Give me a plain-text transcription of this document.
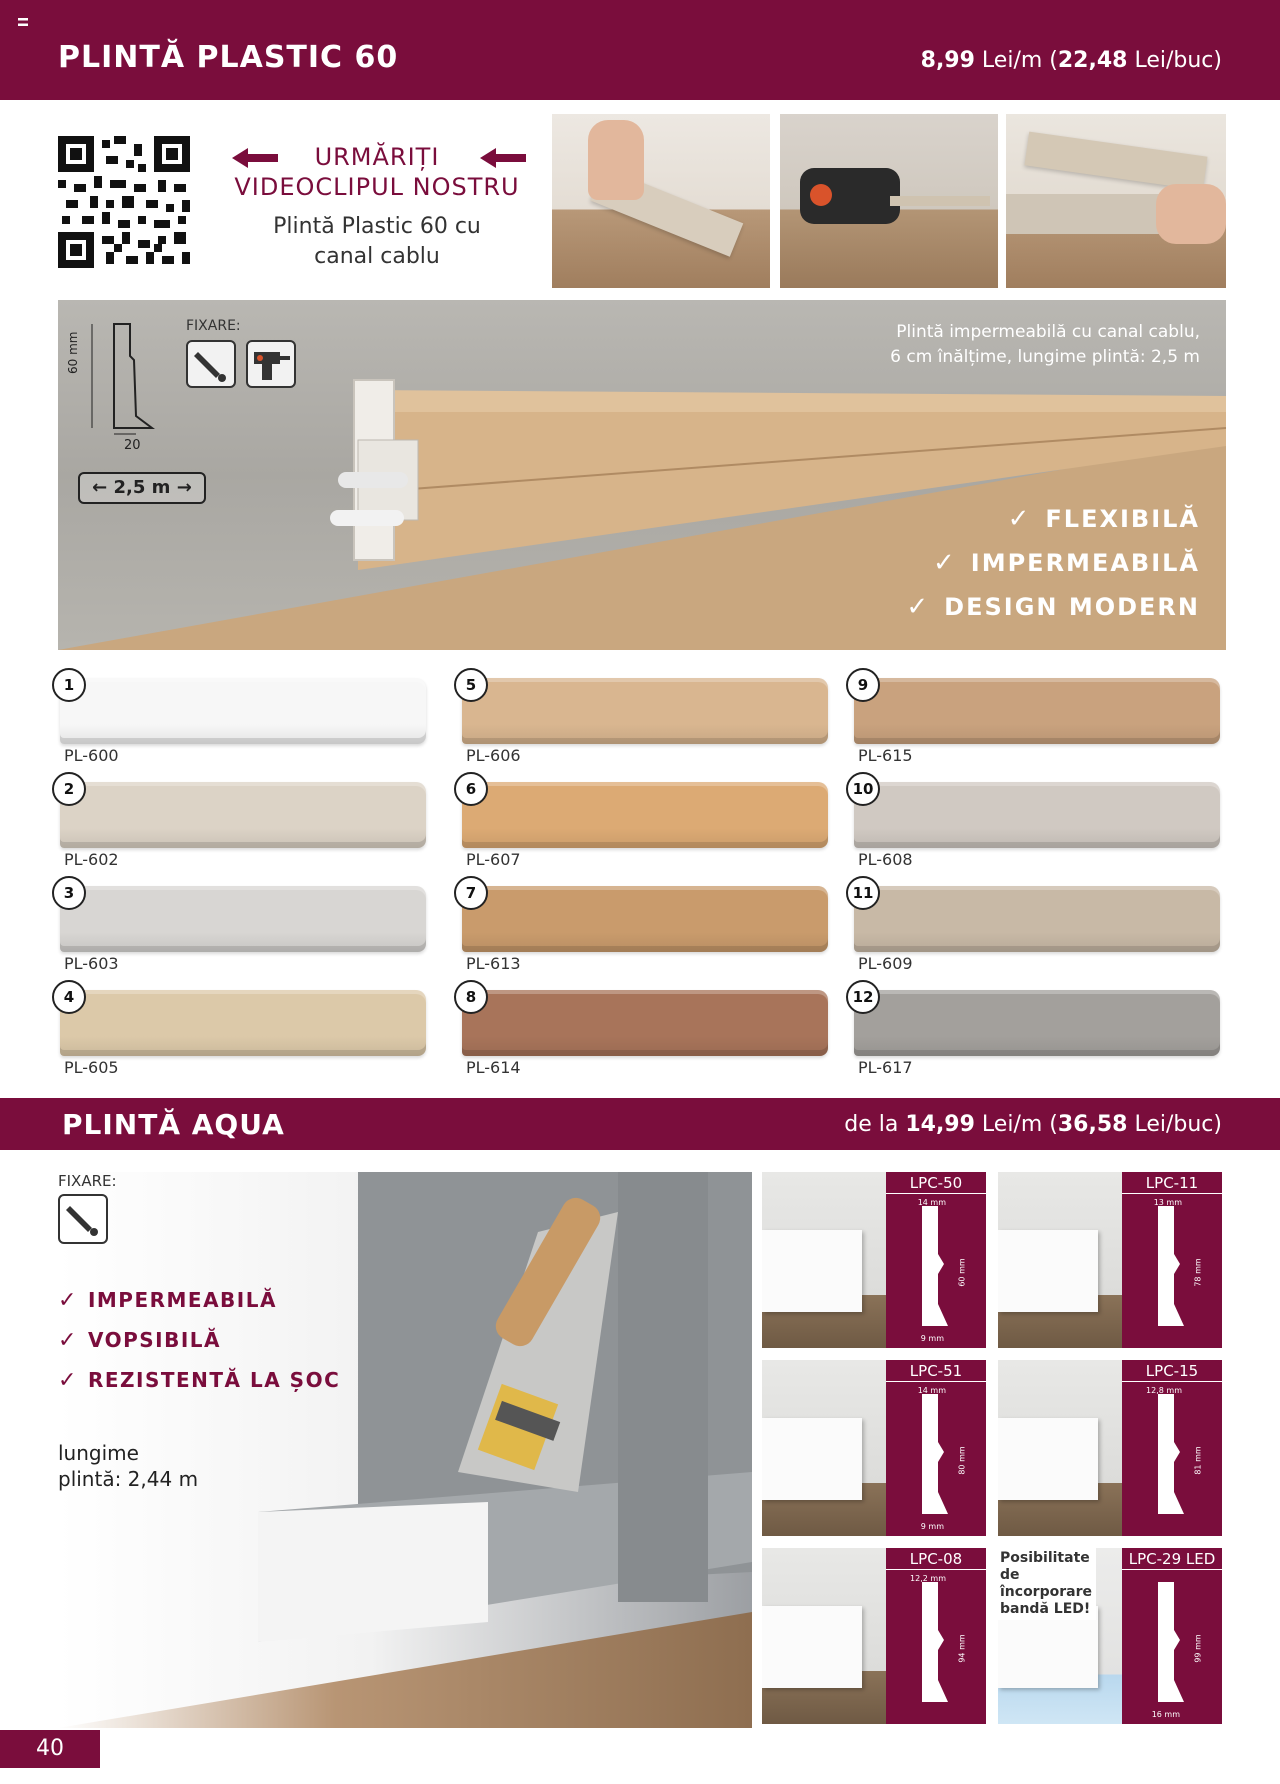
PLINTĂ PLASTIC 60	8,99 Lei/m (22,48 Lei/buc)
URMĂRIȚI
VIDEOCLIPUL NOSTRU
Plintă Plastic 60 cu
canal cablu
FIXARE:
60 mm
20
← 2,5 m →
Plintă impermeabilă cu canal cablu,
6 cm înălțime, lungime plintă: 2,5 m
✓ FLEXIBILĂ
✓ IMPERMEABILĂ
✓ DESIGN MODERN
1
PL-600
2
PL-602
3
PL-603
4
PL-605
5
PL-606
6
PL-607
7
PL-613
8
PL-614
9
PL-615
10
PL-608
11
PL-609
12
PL-617
PLINTĂ AQUA	de la 14,99 Lei/m (36,58 Lei/buc)
FIXARE:
✓ IMPERMEABILĂ
✓ VOPSIBILĂ
✓ REZISTENTĂ LA ȘOC
lungime
plintă: 2,44 m
LPC-50
14 mm
60 mm
9 mm
LPC-11
13 mm
78 mm
LPC-51
14 mm
80 mm
9 mm
LPC-15
12,8 mm
81 mm
LPC-08
12,2 mm
94 mm
LPC-29 LED
99 mm
16 mm
Posibilitate de încorporare bandă LED!
40
